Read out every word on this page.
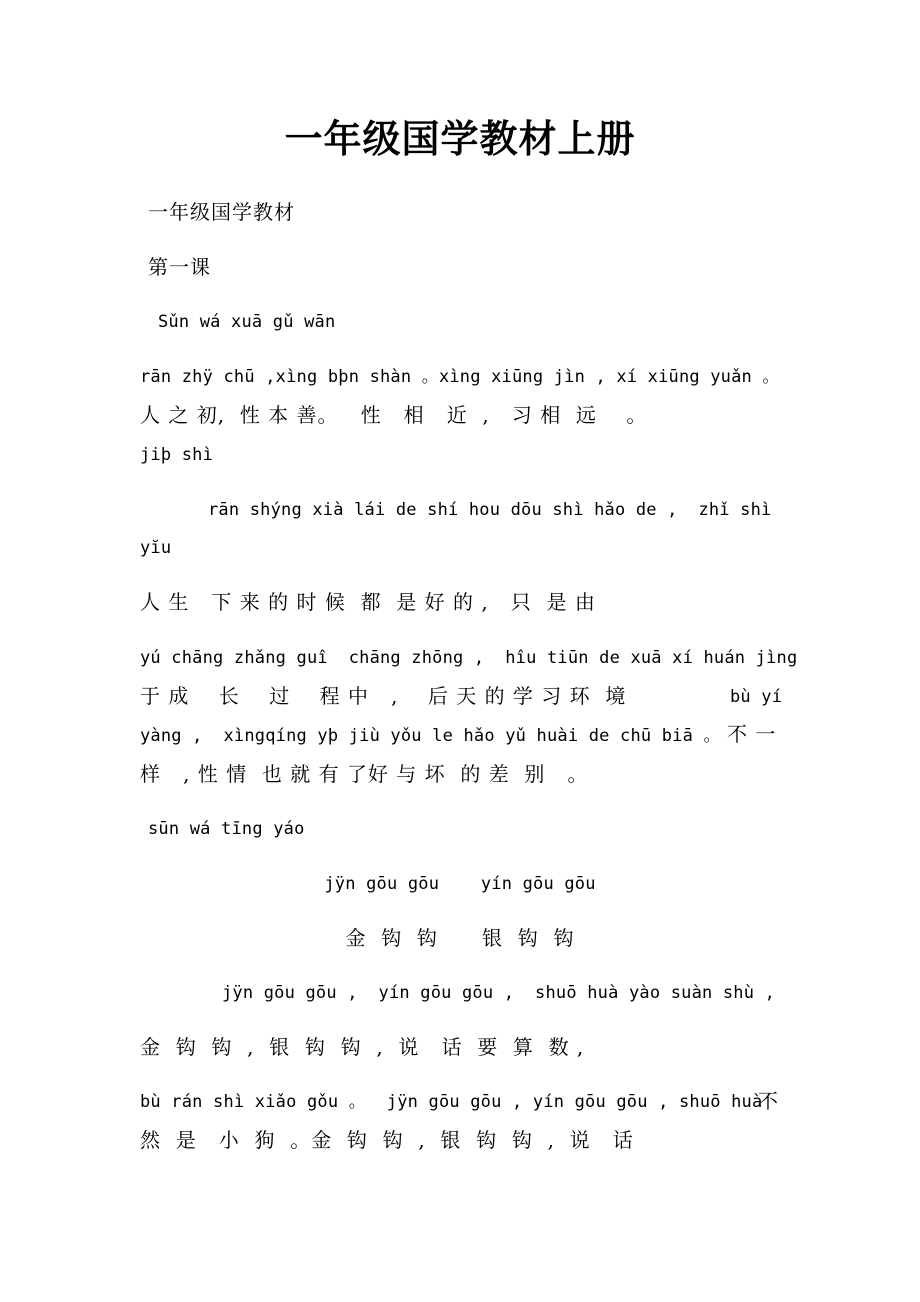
一年级国学教材上册
一年级国学教材
第一课
Sǔn wá xuā gǔ wān
rān zhÿ chū ,xìng bþn shàn 。xìng xiūng jìn , xí xiūng yuǎn 。
人 之 初,  性 本 善。   性   相   近  ,   习 相  远    。
jiþ shì
rān shýng xià lái de shí hou dōu shì hǎo de ,  zhǐ shì
yĭu
人 生   下 来 的 时 候  都  是 好 的 ,   只  是 由
yú chāng zhǎng guî  chāng zhōng ,  hîu tiūn de xuā xí huán jìng
于 成    长    过    程 中   ,    后 天 的 学 习 环  境	bù yí
yàng ,  xìngqíng yþ jiù yǒu le hǎo yǔ huài de chū biā 。 不 一
样   , 性 情  也 就 有 了好 与 坏  的 差  别   。
sūn wá tīng yáo
jÿn gōu gōu    yín gōu gōu
金  钩  钩      银  钩  钩
jÿn gōu gōu ,  yín gōu gōu ,  shuō huà yào suàn shù ,
金  钩  钩  ,  银  钩  钩  ,  说   话  要  算  数 ,
bù rán shì xiǎo gǒu 。  jÿn gōu gōu , yín gōu gōu , shuō huà
不
然  是   小  狗  。金  钩  钩  ,  银  钩  钩  ,  说   话
